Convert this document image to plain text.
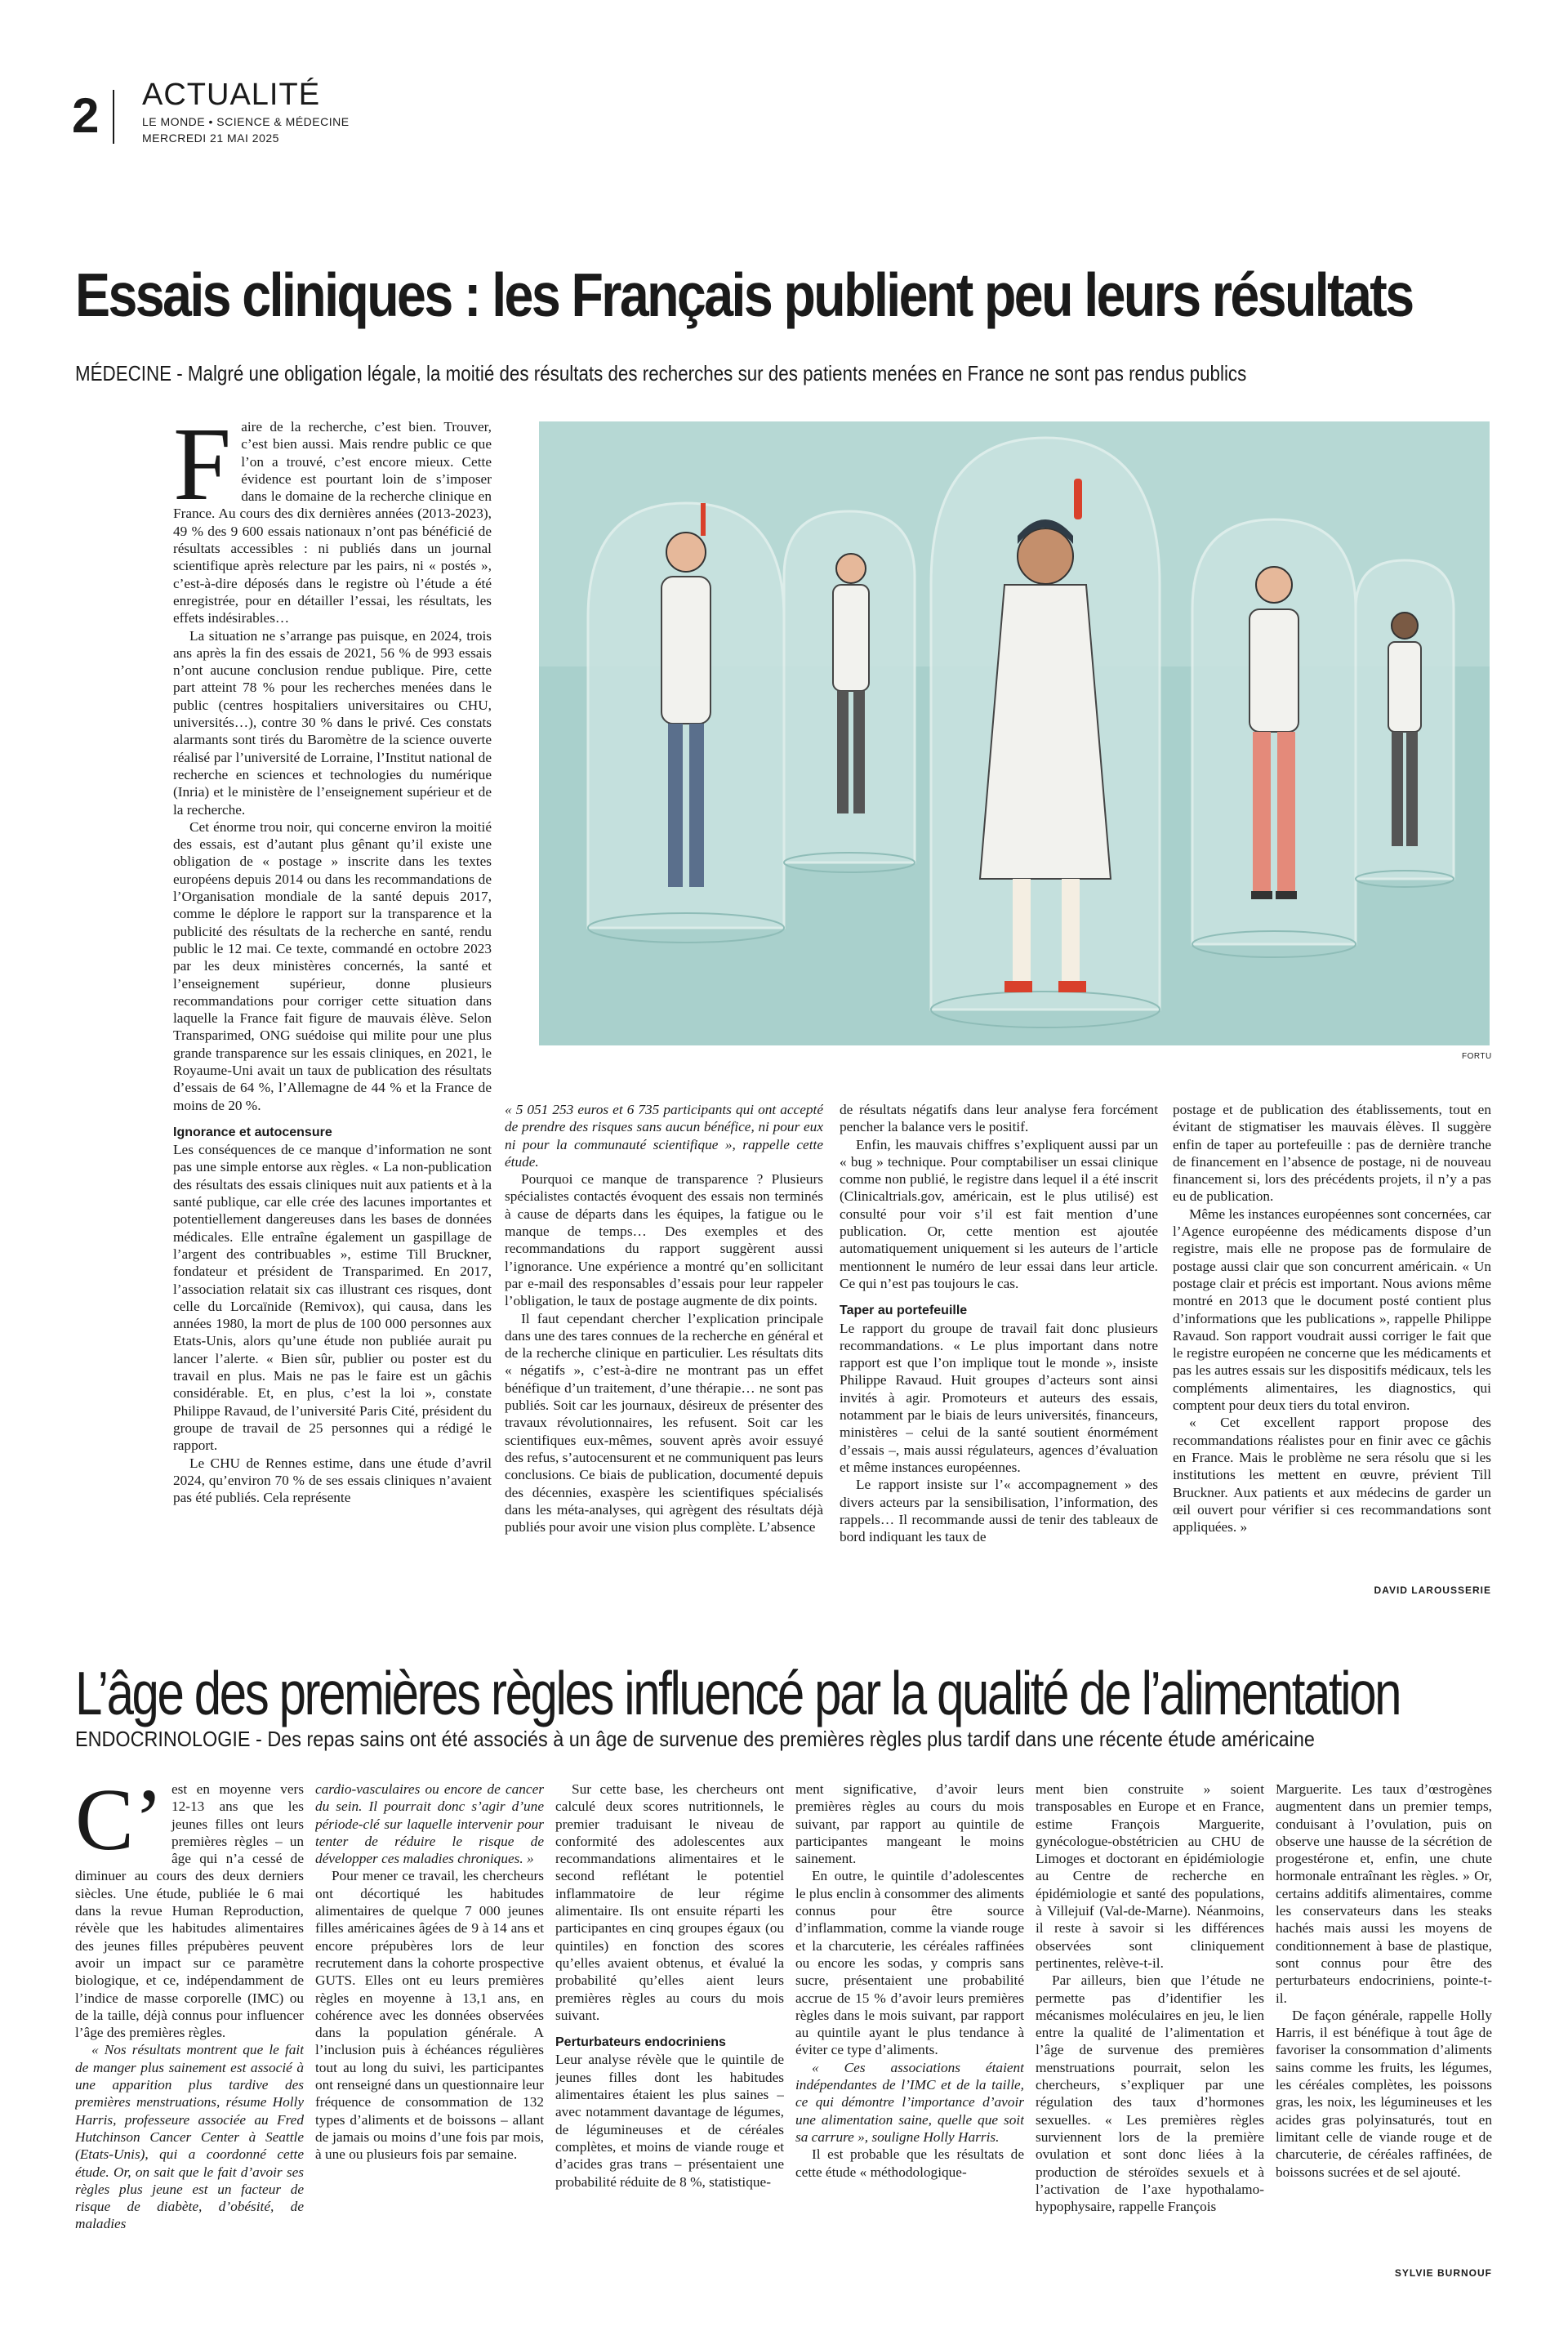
2 ACTUALITÉ
LE MONDE • SCIENCE & MÉDECINE
MERCREDI 21 MAI 2025
Essais cliniques : les Français publient peu leurs résultats
MÉDECINE - Malgré une obligation légale, la moitié des résultats des recherches sur des patients menées en France ne sont pas rendus publics
F aire de la recherche, c’est bien. Trouver, c’est bien aussi. Mais rendre public ce que l’on a trouvé, c’est encore mieux. Cette évidence est pourtant loin de s’imposer dans le domaine de la recherche clinique en France. Au cours des dix dernières années (2013-2023), 49 % des 9 600 essais nationaux n’ont pas bénéficié de résultats accessibles : ni publiés dans un journal scientifique après relecture par les pairs, ni « postés », c’est-à-dire déposés dans le registre où l’étude a été enregistrée, pour en détailler l’essai, les résultats, les effets indésirables…

La situation ne s’arrange pas puisque, en 2024, trois ans après la fin des essais de 2021, 56 % de 993 essais n’ont aucune conclusion rendue publique. Pire, cette part atteint 78 % pour les recherches menées dans le public (centres hospitaliers universitaires ou CHU, universités…), contre 30 % dans le privé. Ces constats alarmants sont tirés du Baromètre de la science ouverte réalisé par l’université de Lorraine, l’Institut national de recherche en sciences et technologies du numérique (Inria) et le ministère de l’enseignement supérieur et de la recherche.

Cet énorme trou noir, qui concerne environ la moitié des essais, est d’autant plus gênant qu’il existe une obligation de « postage » inscrite dans les textes européens depuis 2014 ou dans les recommandations de l’Organisation mondiale de la santé depuis 2017, comme le déplore le rapport sur la transparence et la publicité des résultats de la recherche en santé, rendu public le 12 mai. Ce texte, commandé en octobre 2023 par les deux ministères concernés, la santé et l’enseignement supérieur, donne plusieurs recommandations pour corriger cette situation dans laquelle la France fait figure de mauvais élève. Selon Transparimed, ONG suédoise qui milite pour une plus grande transparence sur les essais cliniques, en 2021, le Royaume-Uni avait un taux de publication des résultats d’essais de 64 %, l’Allemagne de 44 % et la France de moins de 20 %.

Ignorance et autocensure

Les conséquences de ce manque d’information ne sont pas une simple entorse aux règles. « La non-publication des résultats des essais cliniques nuit aux patients et à la santé publique, car elle crée des lacunes importantes et potentiellement dangereuses dans les bases de données médicales. Elle entraîne également un gaspillage de l’argent des contribuables », estime Till Bruckner, fondateur et président de Transparimed. En 2017, l’association relatait six cas illustrant ces risques, dont celle du Lorcaïnide (Remivox), qui causa, dans les années 1980, la mort de plus de 100 000 personnes aux Etats-Unis, alors qu’une étude non publiée aurait pu lancer l’alerte. « Bien sûr, publier ou poster est du travail en plus. Mais ne pas le faire est un gâchis considérable. Et, en plus, c’est la loi », constate Philippe Ravaud, de l’université Paris Cité, président du groupe de travail de 25 personnes qui a rédigé le rapport.

Le CHU de Rennes estime, dans une étude d’avril 2024, qu’environ 70 % de ses essais cliniques n’avaient pas été publiés. Cela représente

FORTU

« 5 051 253 euros et 6 735 participants qui ont accepté de prendre des risques sans aucun bénéfice, ni pour eux ni pour la communauté scientifique », rappelle cette étude.

Pourquoi ce manque de transparence ? Plusieurs spécialistes contactés évoquent des essais non terminés à cause de départs dans les équipes, la fatigue ou le manque de temps… Des exemples et des recommandations du rapport suggèrent aussi l’ignorance. Une expérience a montré qu’en sollicitant par e-mail des responsables d’essais pour leur rappeler l’obligation, le taux de postage augmente de dix points.

Il faut cependant chercher l’explication principale dans une des tares connues de la recherche en général et de la recherche clinique en particulier. Les résultats dits « négatifs », c’est-à-dire ne montrant pas un effet bénéfique d’un traitement, d’une thérapie… ne sont pas publiés. Soit car les journaux, désireux de présenter des travaux révolutionnaires, les refusent. Soit car les scientifiques eux-mêmes, souvent après avoir essuyé des refus, s’autocensurent et ne communiquent pas leurs conclusions. Ce biais de publication, documenté depuis des décennies, exaspère les scientifiques spécialisés dans les méta-analyses, qui agrègent des résultats déjà publiés pour avoir une vision plus complète. L’absence

de résultats négatifs dans leur analyse fera forcément pencher la balance vers le positif.

Enfin, les mauvais chiffres s’expliquent aussi par un « bug » technique. Pour comptabiliser un essai clinique comme non publié, le registre dans lequel il a été inscrit (Clinicaltrials.gov, américain, est le plus utilisé) est consulté pour voir s’il est fait mention d’une publication. Or, cette mention est ajoutée automatiquement uniquement si les auteurs de l’article mentionnent le numéro de leur essai dans leur article. Ce qui n’est pas toujours le cas.

Taper au portefeuille

Le rapport du groupe de travail fait donc plusieurs recommandations. « Le plus important dans notre rapport est que l’on implique tout le monde », insiste Philippe Ravaud. Huit groupes d’acteurs sont ainsi invités à agir. Promoteurs et auteurs des essais, notamment par le biais de leurs universités, financeurs, ministères – celui de la santé soutient énormément d’essais –, mais aussi régulateurs, agences d’évaluation et même instances européennes.

Le rapport insiste sur l’« accompagnement » des divers acteurs par la sensibilisation, l’information, des rappels… Il recommande aussi de tenir des tableaux de bord indiquant les taux de

postage et de publication des établissements, tout en évitant de stigmatiser les mauvais élèves. Il suggère enfin de taper au portefeuille : pas de dernière tranche de financement en l’absence de postage, ni de nouveau financement si, lors des précédents projets, il n’y a pas eu de publication.

Même les instances européennes sont concernées, car l’Agence européenne des médicaments dispose d’un registre, mais elle ne propose pas de formulaire de postage aussi clair que son concurrent américain. « Un postage clair et précis est important. Nous avions même montré en 2013 que le document posté contient plus d’informations que les publications », rappelle Philippe Ravaud. Son rapport voudrait aussi corriger le fait que le registre européen ne concerne que les médicaments et pas les autres essais sur les dispositifs médicaux, tels les compléments alimentaires, les diagnostics, qui comptent pour deux tiers du total environ.

« Cet excellent rapport propose des recommandations réalistes pour en finir avec ce gâchis en France. Mais le problème ne sera résolu que si les institutions les mettent en œuvre, prévient Till Bruckner. Aux patients et aux médecins de garder un œil ouvert pour vérifier si ces recommandations sont appliquées. »

DAVID LAROUSSERIE
L’âge des premières règles influencé par la qualité de l’alimentation
ENDOCRINOLOGIE - Des repas sains ont été associés à un âge de survenue des premières règles plus tardif dans une récente étude américaine
C’ est en moyenne vers 12-13 ans que les jeunes filles ont leurs premières règles – un âge qui n’a cessé de diminuer au cours des deux derniers siècles. Une étude, publiée le 6 mai dans la revue Human Reproduction, révèle que les habitudes alimentaires des jeunes filles prépubères peuvent avoir un impact sur ce paramètre biologique, et ce, indépendamment de l’indice de masse corporelle (IMC) ou de la taille, déjà connus pour influencer l’âge des premières règles.

« Nos résultats montrent que le fait de manger plus sainement est associé à une apparition plus tardive des premières menstruations, résume Holly Harris, professeure associée au Fred Hutchinson Cancer Center à Seattle (Etats-Unis), qui a coordonné cette étude. Or, on sait que le fait d’avoir ses règles plus jeune est un facteur de risque de diabète, d’obésité, de maladies

cardio-vasculaires ou encore de cancer du sein. Il pourrait donc s’agir d’une période-clé sur laquelle intervenir pour tenter de réduire le risque de développer ces maladies chroniques. »

Pour mener ce travail, les chercheurs ont décortiqué les habitudes alimentaires de quelque 7 000 jeunes filles américaines âgées de 9 à 14 ans et encore prépubères lors de leur recrutement dans la cohorte prospective GUTS. Elles ont eu leurs premières règles en moyenne à 13,1 ans, en cohérence avec les données observées dans la population générale. A l’inclusion puis à échéances régulières tout au long du suivi, les participantes ont renseigné dans un questionnaire leur fréquence de consommation de 132 types d’aliments et de boissons – allant de jamais ou moins d’une fois par mois, à une ou plusieurs fois par semaine.

Sur cette base, les chercheurs ont calculé deux scores nutritionnels, le premier traduisant le niveau de conformité des adolescentes aux recommandations alimentaires et le second reflétant le potentiel inflammatoire de leur régime alimentaire. Ils ont ensuite réparti les participantes en cinq groupes égaux (ou quintiles) en fonction des scores qu’elles avaient obtenus, et évalué la probabilité qu’elles aient leurs premières règles au cours du mois suivant.

Perturbateurs endocriniens

Leur analyse révèle que le quintile de jeunes filles dont les habitudes alimentaires étaient les plus saines – avec notamment davantage de légumes, de légumineuses et de céréales complètes, et moins de viande rouge et d’acides gras trans – présentaient une probabilité réduite de 8 %, statistique-

ment significative, d’avoir leurs premières règles au cours du mois suivant, par rapport au quintile de participantes mangeant le moins sainement.

En outre, le quintile d’adolescentes le plus enclin à consommer des aliments connus pour être source d’inflammation, comme la viande rouge et la charcuterie, les céréales raffinées ou encore les sodas, y compris sans sucre, présentaient une probabilité accrue de 15 % d’avoir leurs premières règles dans le mois suivant, par rapport au quintile ayant le plus tendance à éviter ce type d’aliments.

« Ces associations étaient indépendantes de l’IMC et de la taille, ce qui démontre l’importance d’avoir une alimentation saine, quelle que soit sa carrure », souligne Holly Harris.

Il est probable que les résultats de cette étude « méthodologique-

ment bien construite » soient transposables en Europe et en France, estime François Marguerite, gynécologue-obstétricien au CHU de Limoges et doctorant en épidémiologie au Centre de recherche en épidémiologie et santé des populations, à Villejuif (Val-de-Marne). Néanmoins, il reste à savoir si les différences observées sont cliniquement pertinentes, relève-t-il.

Par ailleurs, bien que l’étude ne permette pas d’identifier les mécanismes moléculaires en jeu, le lien entre la qualité de l’alimentation et l’âge de survenue des premières menstruations pourrait, selon les chercheurs, s’expliquer par une régulation des taux d’hormones sexuelles. « Les premières règles surviennent lors de la première ovulation et sont donc liées à la production de stéroïdes sexuels et à l’activation de l’axe hypothalamo-hypophysaire, rappelle François

Marguerite. Les taux d’œstrogènes augmentent dans un premier temps, conduisant à l’ovulation, puis on observe une hausse de la sécrétion de progestérone et, enfin, une chute hormonale entraînant les règles. » Or, certains additifs alimentaires, comme les conservateurs dans les steaks hachés mais aussi les moyens de conditionnement à base de plastique, sont connus pour être des perturbateurs endocriniens, pointe-t-il.

De façon générale, rappelle Holly Harris, il est bénéfique à tout âge de favoriser la consommation d’aliments sains comme les fruits, les légumes, les céréales complètes, les poissons gras, les noix, les légumineuses et les acides gras polyinsaturés, tout en limitant celle de viande rouge et de charcuterie, de céréales raffinées, de boissons sucrées et de sel ajouté.

SYLVIE BURNOUF
